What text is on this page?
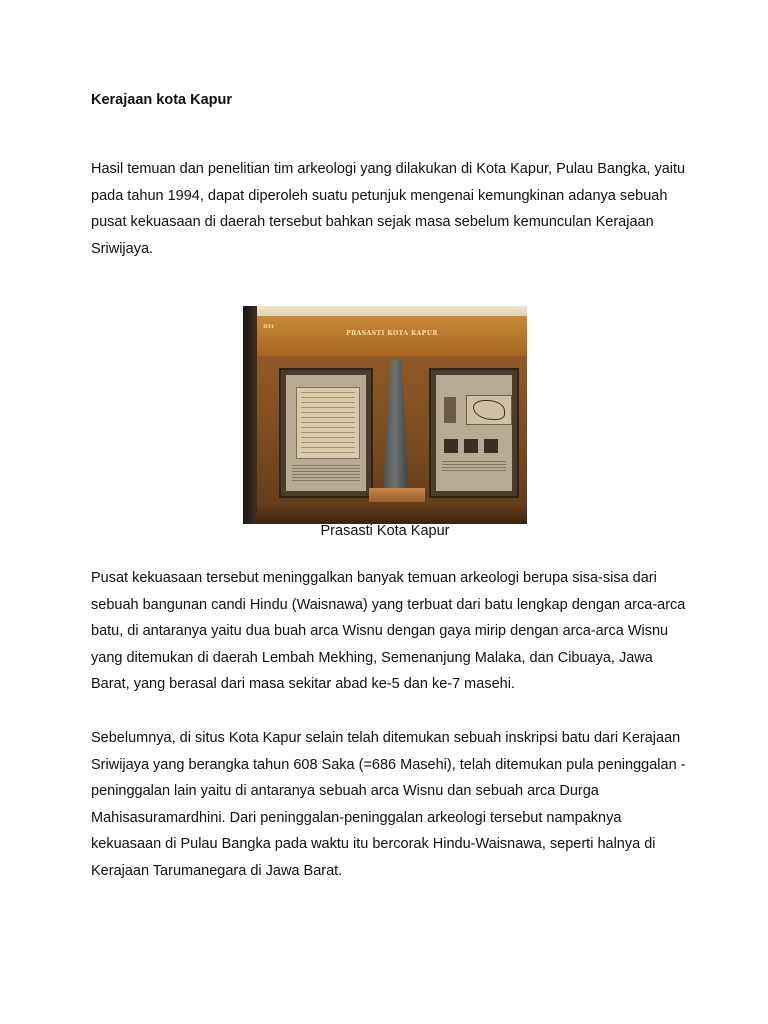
Kerajaan kota Kapur

Hasil temuan dan penelitian tim arkeologi yang dilakukan di Kota Kapur, Pulau Bangka, yaitu pada tahun 1994, dapat diperoleh suatu petunjuk mengenai kemungkinan adanya sebuah pusat kekuasaan di daerah tersebut bahkan sejak masa sebelum kemunculan Kerajaan Sriwijaya.

D31
PRASASTI KOTA KAPUR

Prasasti Kota Kapur

Pusat kekuasaan tersebut meninggalkan banyak temuan arkeologi berupa sisa-sisa dari sebuah bangunan candi Hindu (Waisnawa) yang terbuat dari batu lengkap dengan arca-arca batu, di antaranya yaitu dua buah arca Wisnu dengan gaya mirip dengan arca-arca Wisnu yang ditemukan di daerah Lembah Mekhing, Semenanjung Malaka, dan Cibuaya, Jawa Barat, yang berasal dari masa sekitar abad ke-5 dan ke-7 masehi.

Sebelumnya, di situs Kota Kapur selain telah ditemukan sebuah inskripsi batu dari Kerajaan Sriwijaya yang berangka tahun 608 Saka (=686 Masehi), telah ditemukan pula peninggalan - peninggalan lain yaitu di antaranya sebuah arca Wisnu dan sebuah arca Durga Mahisasuramardhini. Dari peninggalan-peninggalan arkeologi tersebut nampaknya kekuasaan di Pulau Bangka pada waktu itu bercorak Hindu-Waisnawa, seperti halnya di Kerajaan Tarumanegara di Jawa Barat.
